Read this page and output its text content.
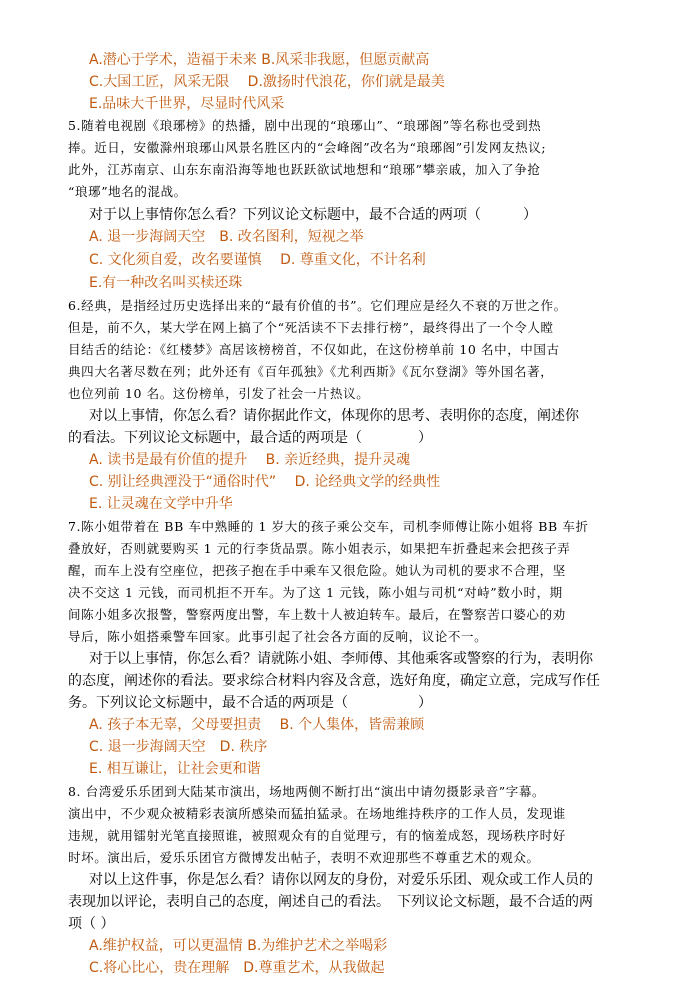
A.潜心于学术，造福于未来 B.风采非我愿，但愿贡献高
C.大国工匠，风采无限　 D.激扬时代浪花，你们就是最美
E.品味大千世界，尽显时代风采
5.随着电视剧《琅琊榜》的热播，剧中出现的“琅琊山”、“琅琊阁”等名称也受到热
捧。近日，安徽滁州琅琊山风景名胜区内的“会峰阁”改名为“琅琊阁”引发网友热议;
此外，江苏南京、山东东南沿海等地也跃跃欲试地想和“琅琊”攀亲戚，加入了争抢
“琅琊”地名的混战。
对于以上事情你怎么看？下列议论文标题中，最不合适的两项（　　　）
A. 退一步海阔天空　B. 改名图利，短视之举
C. 文化须自爱，改名要谨慎　 D. 尊重文化，不计名利
E.有一种改名叫买椟还珠
6.经典，是指经过历史选择出来的“最有价值的书”。它们理应是经久不衰的万世之作。
但是，前不久，某大学在网上搞了个“死活读不下去排行榜”，最终得出了一个令人瞠
目结舌的结论：《红楼梦》高居该榜榜首，不仅如此，在这份榜单前 10 名中，中国古
典四大名著尽数在列；此外还有《百年孤独》《尤利西斯》《瓦尔登湖》等外国名著，
也位列前 10 名。这份榜单，引发了社会一片热议。
对以上事情，你怎么看？请你据此作文，体现你的思考、表明你的态度，阐述你
的看法。下列议论文标题中，最合适的两项是（　　　　）
A. 读书是最有价值的提升　 B. 亲近经典，提升灵魂
C. 别让经典湮没于“通俗时代”　 D. 论经典文学的经典性
E. 让灵魂在文学中升华
7.陈小姐带着在 BB 车中熟睡的 1 岁大的孩子乘公交车，司机李师傅让陈小姐将 BB 车折
叠放好，否则就要购买 1 元的行李货品票。陈小姐表示，如果把车折叠起来会把孩子弄
醒，而车上没有空座位，把孩子抱在手中乘车又很危险。她认为司机的要求不合理，坚
决不交这 1 元钱，而司机拒不开车。为了这 1 元钱，陈小姐与司机“对峙”数小时，期
间陈小姐多次报警，警察两度出警，车上数十人被迫转车。最后，在警察苦口婆心的劝
导后，陈小姐搭乘警车回家。此事引起了社会各方面的反响，议论不一。
对于以上事情，你怎么看？请就陈小姐、李师傅、其他乘客或警察的行为，表明你
的态度，阐述你的看法。要求综合材料内容及含意，选好角度，确定立意，完成写作任
务。下列议论文标题中，最不合适的两项是（　　　　　）
A. 孩子本无辜，父母要担责　 B. 个人集体，皆需兼顾
C. 退一步海阔天空　D. 秩序
E. 相互谦让，让社会更和谐
8. 台湾爱乐乐团到大陆某市演出，场地两侧不断打出“演出中请勿摄影录音”字幕。
演出中，不少观众被精彩表演所感染而猛拍猛录。在场地维持秩序的工作人员，发现谁
违规，就用镭射光笔直接照谁，被照观众有的自觉理亏，有的恼羞成怒，现场秩序时好
时坏。演出后，爱乐乐团官方微博发出帖子，表明不欢迎那些不尊重艺术的观众。
对以上这件事，你是怎么看？请你以网友的身份，对爱乐乐团、观众或工作人员的
表现加以评论，表明自己的态度，阐述自己的看法。　下列议论文标题，最不合适的两
项（ ）
A.维护权益，可以更温情 B.为维护艺术之举喝彩
C.将心比心，贵在理解　D.尊重艺术，从我做起
